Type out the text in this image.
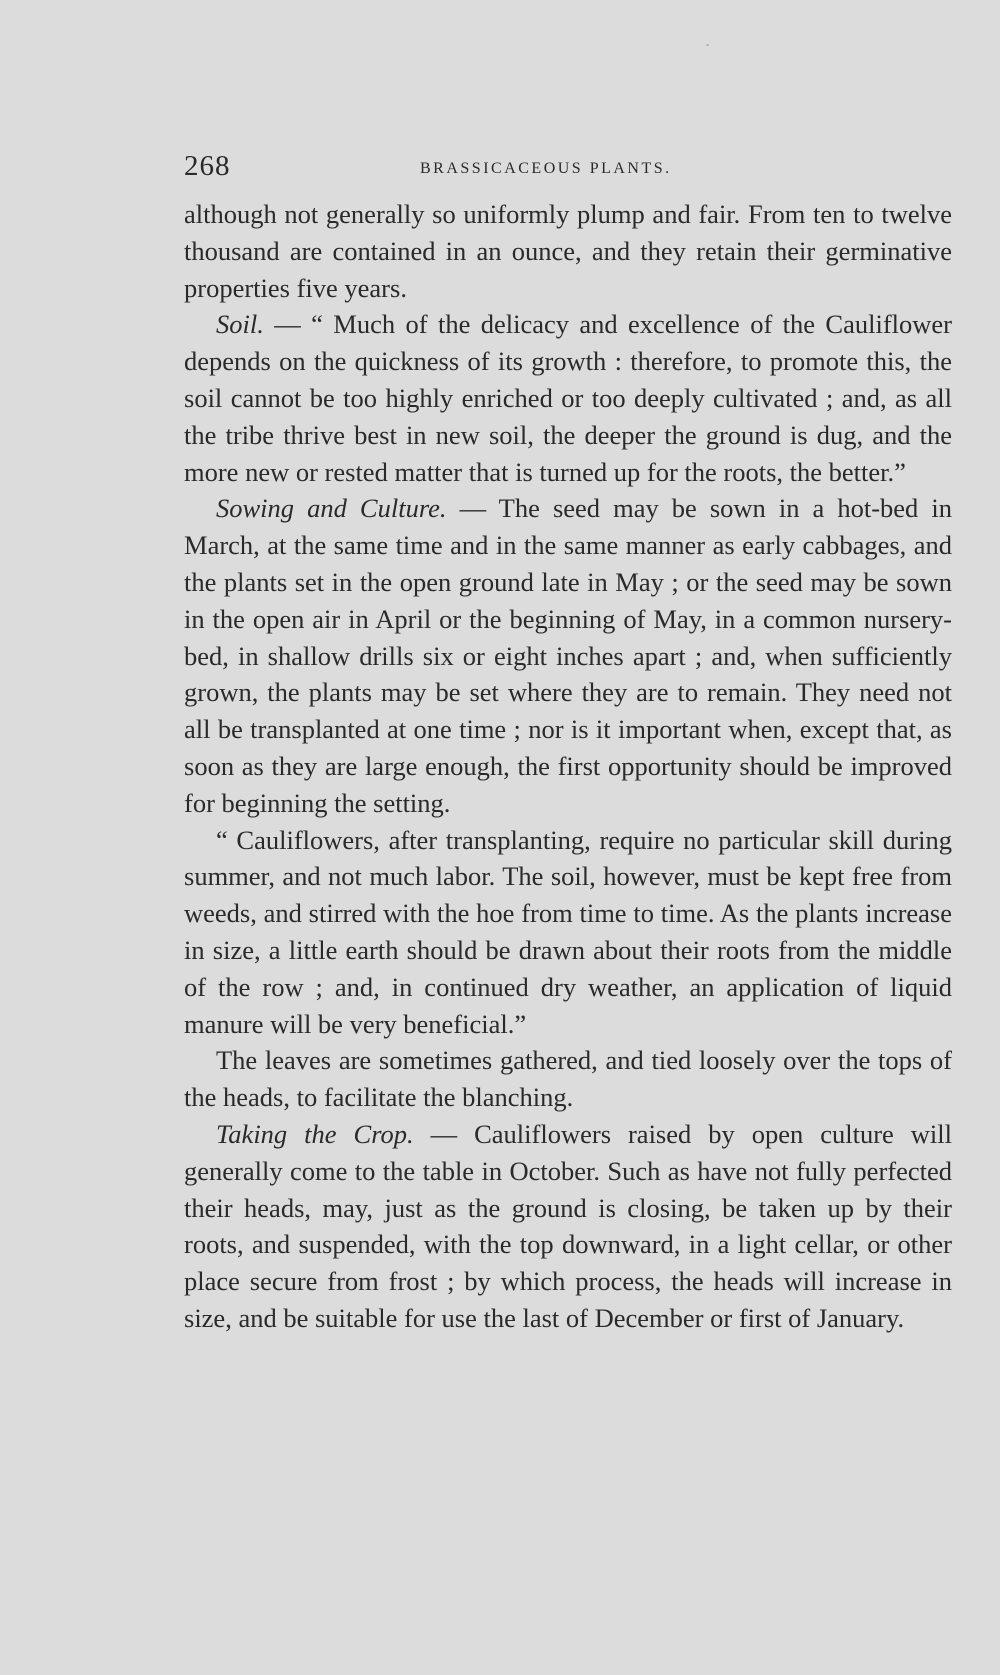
268	BRASSICACEOUS PLANTS.

although not generally so uniformly plump and fair. From ten to twelve thousand are contained in an ounce, and they retain their germinative properties five years.

Soil. — “ Much of the delicacy and excellence of the Cauliflower depends on the quickness of its growth : therefore, to promote this, the soil cannot be too highly enriched or too deeply cultivated ; and, as all the tribe thrive best in new soil, the deeper the ground is dug, and the more new or rested matter that is turned up for the roots, the better.”

Sowing and Culture. — The seed may be sown in a hot-bed in March, at the same time and in the same manner as early cabbages, and the plants set in the open ground late in May ; or the seed may be sown in the open air in April or the beginning of May, in a common nursery-bed, in shallow drills six or eight inches apart ; and, when sufficiently grown, the plants may be set where they are to remain. They need not all be transplanted at one time ; nor is it important when, except that, as soon as they are large enough, the first opportunity should be improved for beginning the setting.

“ Cauliflowers, after transplanting, require no particular skill during summer, and not much labor. The soil, however, must be kept free from weeds, and stirred with the hoe from time to time. As the plants increase in size, a little earth should be drawn about their roots from the middle of the row ; and, in continued dry weather, an application of liquid manure will be very beneficial.”

The leaves are sometimes gathered, and tied loosely over the tops of the heads, to facilitate the blanching.

Taking the Crop. — Cauliflowers raised by open culture will generally come to the table in October. Such as have not fully perfected their heads, may, just as the ground is closing, be taken up by their roots, and suspended, with the top downward, in a light cellar, or other place secure from frost ; by which process, the heads will increase in size, and be suitable for use the last of December or first of January.
